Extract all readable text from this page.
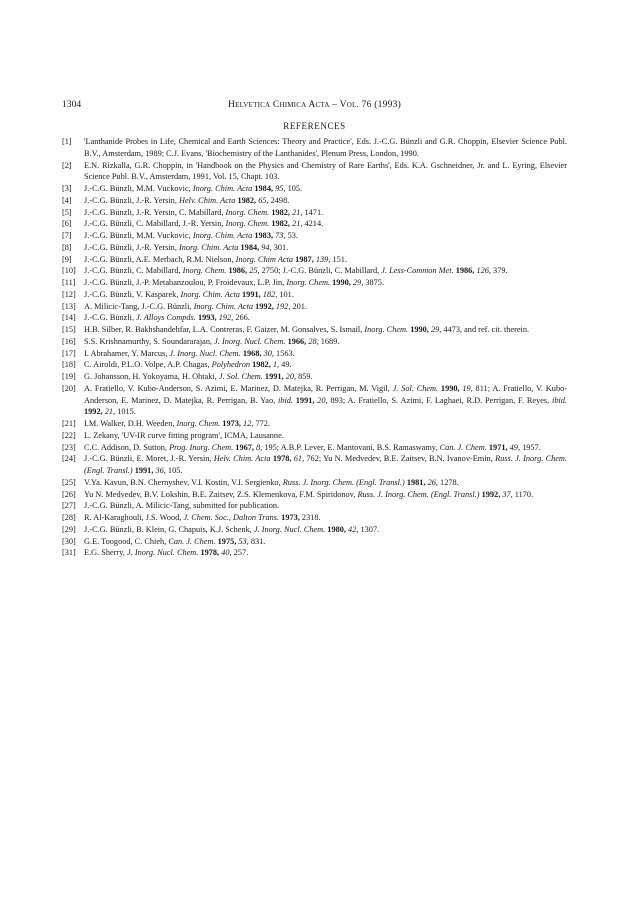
1304	Helvetica Chimica Acta – Vol. 76 (1993)
REFERENCES
[1]	'Lanthanide Probes in Life, Chemical and Earth Sciences: Theory and Practice', Eds. J.-C.G. Bünzli and G.R. Choppin, Elsevier Science Publ. B.V., Amsterdam, 1989; C.J. Evans, 'Biochemistry of the Lanthanides', Plenum Press, London, 1990.
[2]	E.N. Rizkalla, G.R. Choppin, in 'Handbook on the Physics and Chemistry of Rare Earths', Eds. K.A. Gschneidner, Jr. and L. Eyring, Elsevier Science Publ. B.V., Amsterdam, 1991, Vol. 15, Chapt. 103.
[3]	J.-C.G. Bünzli, M.M. Vuckovic, Inorg. Chim. Acta 1984, 95, 105.
[4]	J.-C.G. Bünzli, J.-R. Yersin, Helv. Chim. Acta 1982, 65, 2498.
[5]	J.-C.G. Bünzli, J.-R. Yersin, C. Mabillard, Inorg. Chem. 1982, 21, 1471.
[6]	J.-C.G. Bünzli, C. Mabillard, J.-R. Yersin, Inorg. Chem. 1982, 21, 4214.
[7]	J.-C.G. Bünzli, M.M. Vuckovic, Inorg. Chim. Acta 1983, 73, 53.
[8]	J.-C.G. Bünzli, J.-R. Yersin, Inorg. Chim. Acta 1984, 94, 301.
[9]	J.-C.G. Bünzli, A.E. Merbach, R.M. Nielson, Inorg. Chim Acta 1987, 139, 151.
[10] J.-C.G. Bünzli, C. Mabillard, Inorg. Chem. 1986, 25, 2750; J.-C.G. Bünzli, C. Mabillard, J. Less-Common Met. 1986, 126, 379.
[11]	J.-C.G. Bünzli, J.-P. Metabanzoulou, P. Froidevaux, L.P. Jin, Inorg. Chem. 1990, 29, 3875.
[12] J.-C.G. Bünzli, V. Kasparek, Inorg. Chim. Acta 1991, 182, 101.
[13] A. Milicic-Tang, J.-C.G. Bünzli, Inorg. Chim. Acta 1992, 192, 201.
[14] J.-C.G. Bünzli, J. Alloys Compds. 1993, 192, 266.
[15] H.B. Silber, R. Bakhshandehfar, L.A. Contreras, F. Gaizer, M. Gonsalves, S. Ismail, Inorg. Chem. 1990, 29, 4473, and ref. cit. therein.
[16] S.S. Krishnamurthy, S. Soundararajan, J. Inorg. Nucl. Chem. 1966, 28, 1689.
[17] I. Abrahamer, Y. Marcus, J. Inorg. Nucl. Chem. 1968, 30, 1563.
[18] C. Airoldi, P.L.O. Volpe, A.P. Chagas, Polyhedron 1982, 1, 49.
[19] G. Johansson, H. Yokoyama, H. Ohtaki, J. Sol. Chem. 1991, 20, 859.
[20] A. Fratiello, V. Kubo-Anderson, S. Azimi, E. Marinez, D. Matejka, R. Perrigan, M. Vigil, J. Sol. Chem. 1990, 19, 811; A. Fratiello, V. Kubo-Anderson, E. Marinez, D. Matejka, R. Perrigan, B. Yao, ibid. 1991, 20, 893; A. Fratiello, S. Azimi, F. Laghaei, R.D. Perrigan, F. Reyes, ibid. 1992, 21, 1015.
[21] I.M. Walker, D.H. Weeden, Inorg. Chem. 1973, 12, 772.
[22] L. Zekany, 'UV-IR curve fitting program', ICMA, Lausanne.
[23] C.C. Addison, D. Sutton, Prog. Inorg. Chem. 1967, 8, 195; A.B.P. Lever, E. Mantovani, B.S. Ramaswamy, Can. J. Chem. 1971, 49, 1957.
[24] J.-C.G. Bünzli, E. Moret, J.-R. Yersin, Helv. Chim. Acta 1978, 61, 762; Yu N. Medvedev, B.E. Zaitsev, B.N. Ivanov-Emin, Russ. J. Inorg. Chem. (Engl. Transl.) 1991, 36, 105.
[25] V.Ya. Kavun, B.N. Chernyshev, V.I. Kostin, V.I. Sergienko, Russ. J. Inorg. Chem. (Engl. Transl.) 1981, 26, 1278.
[26] Yu N. Medvedev, B.V. Lokshin, B.E. Zaitsev, Z.S. Klemenkova, F.M. Spiridonov, Russ. J. Inorg. Chem. (Engl. Transl.) 1992, 37, 1170.
[27] J.-C.G. Bünzli, A. Milicic-Tang, submitted for publication.
[28] R. Al-Karaghouli, J.S. Wood, J. Chem. Soc., Dalton Trans. 1973, 2318.
[29] J.-C.G. Bünzli, B. Klein, G. Chapuis, K.J. Schenk, J. Inorg. Nucl. Chem. 1980, 42, 1307.
[30] G.E. Toogood, C. Chieh, Can. J. Chem. 1975, 53, 831.
[31] E.G. Sherry, J. Inorg. Nucl. Chem. 1978, 40, 257.
